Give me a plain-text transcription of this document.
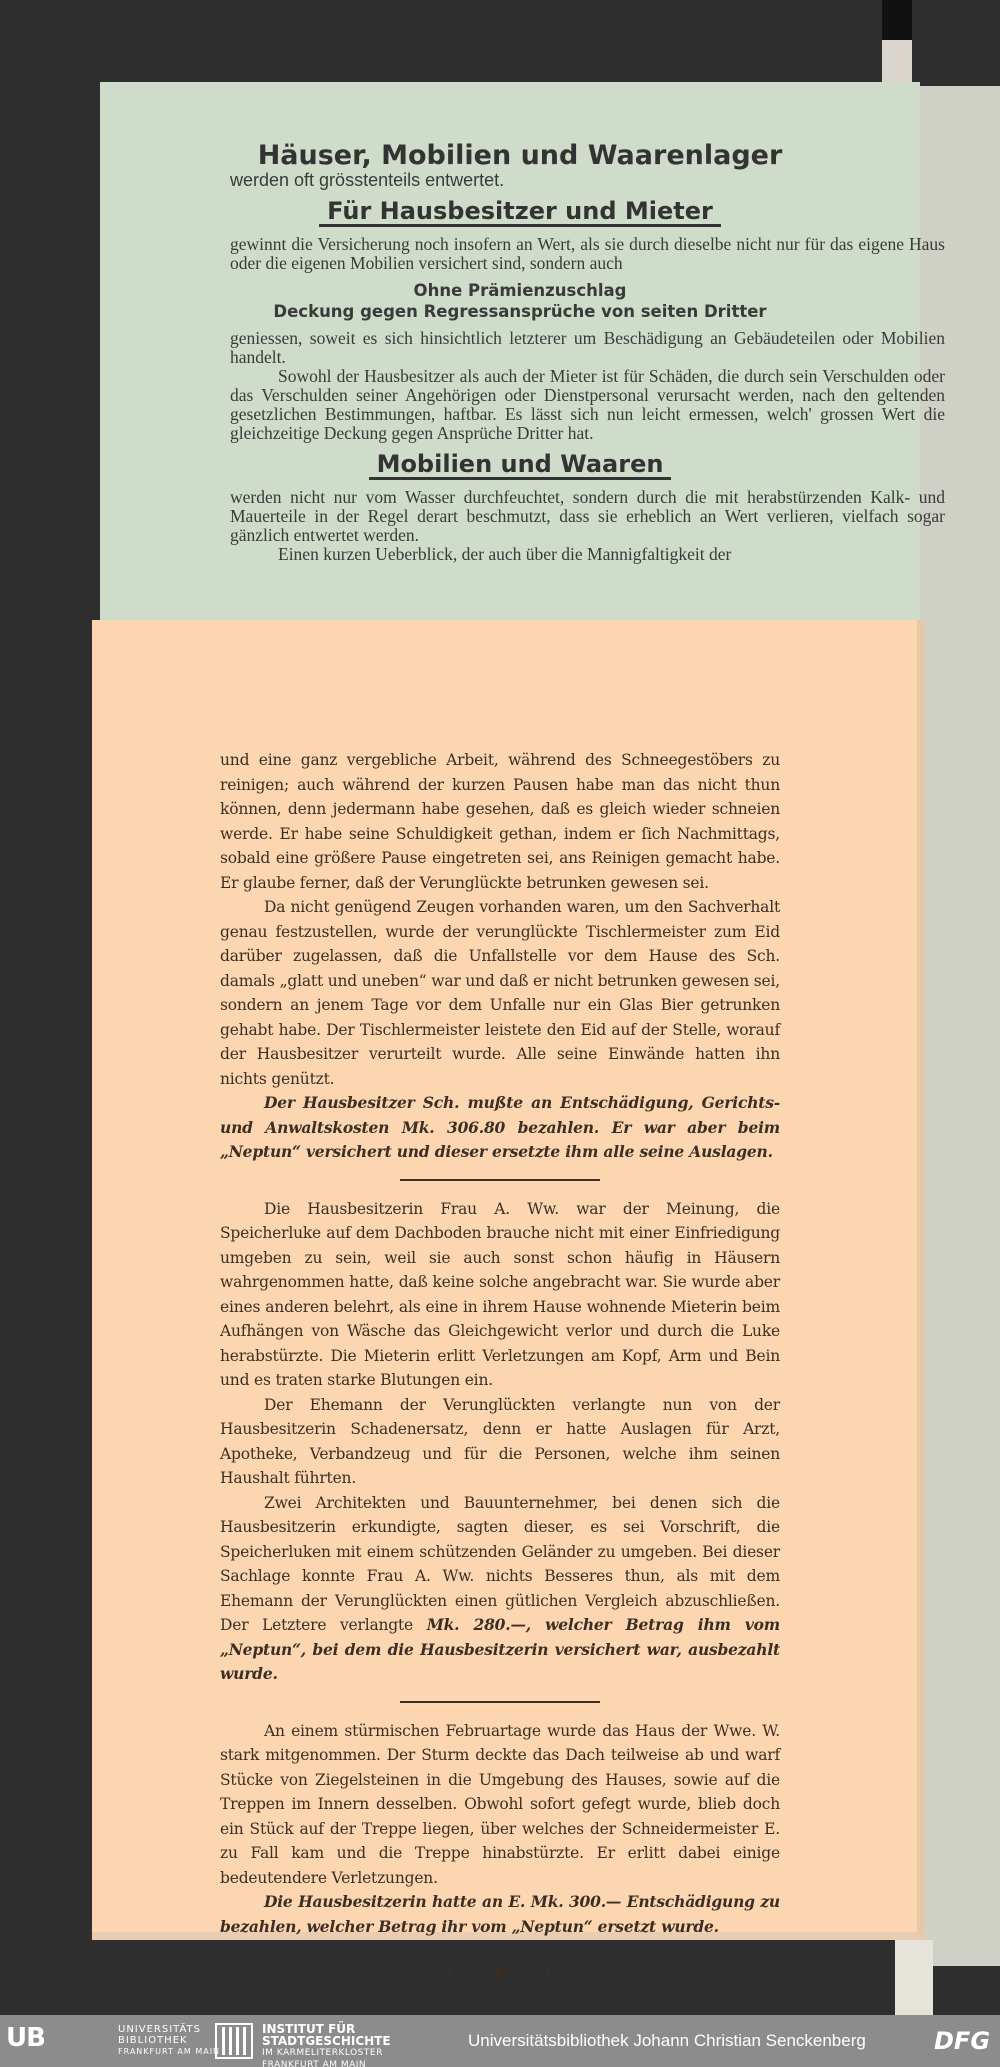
Häuser, Mobilien und Waarenlager
werden oft grösstenteils entwertet.
Für Hausbesitzer und Mieter
gewinnt die Versicherung noch insofern an Wert, als sie durch dieselbe nicht nur für das eigene Haus oder die eigenen Mobilien versichert sind, sondern auch
Ohne Prämienzuschlag
Deckung gegen Regressansprüche von seiten Dritter
geniessen, soweit es sich hinsichtlich letzterer um Beschädigung an Gebäudeteilen oder Mobilien handelt.
Sowohl der Hausbesitzer als auch der Mieter ist für Schäden, die durch sein Verschulden oder das Verschulden seiner Angehörigen oder Dienstpersonal verursacht werden, nach den geltenden gesetzlichen Bestimmungen, haftbar. Es lässt sich nun leicht ermessen, welch' grossen Wert die gleichzeitige Deckung gegen Ansprüche Dritter hat.
Mobilien und Waaren
werden nicht nur vom Wasser durchfeuchtet, sondern durch die mit herabstürzenden Kalk- und Mauerteile in der Regel derart beschmutzt, dass sie erheblich an Wert verlieren, vielfach sogar gänzlich entwertet werden.
Einen kurzen Ueberblick, der auch über die Mannigfaltigkeit der

und eine ganz vergebliche Arbeit, während des Schneegestöbers zu reinigen; auch während der kurzen Pausen habe man das nicht thun können, denn jedermann habe gesehen, daß es gleich wieder schneien werde. Er habe seine Schuldigkeit gethan, indem er ſich Nachmittags, sobald eine größere Pause eingetreten sei, ans Reinigen gemacht habe. Er glaube ferner, daß der Verunglückte betrunken gewesen sei.

Da nicht genügend Zeugen vorhanden waren, um den Sachverhalt genau festzustellen, wurde der verunglückte Tischlermeister zum Eid darüber zugelassen, daß die Unfallstelle vor dem Hause des Sch. damals „glatt und uneben“ war und daß er nicht betrunken gewesen sei, sondern an jenem Tage vor dem Unfalle nur ein Glas Bier getrunken gehabt habe. Der Tischlermeister leistete den Eid auf der Stelle, worauf der Hausbesitzer verurteilt wurde. Alle seine Einwände hatten ihn nichts genützt.

Der Hausbesitzer Sch. mußte an Entschädigung, Gerichts- und Anwaltskosten Mk. 306.80 bezahlen. Er war aber beim „Neptun“ versichert und dieser ersetzte ihm alle seine Auslagen.

Die Hausbesitzerin Frau A. Ww. war der Meinung, die Speicherluke auf dem Dachboden brauche nicht mit einer Einfriedigung umgeben zu sein, weil sie auch sonst schon häufig in Häusern wahrgenommen hatte, daß keine solche angebracht war. Sie wurde aber eines anderen belehrt, als eine in ihrem Hause wohnende Mieterin beim Aufhängen von Wäsche das Gleichgewicht verlor und durch die Luke herabstürzte. Die Mieterin erlitt Verletzungen am Kopf, Arm und Bein und es traten starke Blutungen ein.

Der Ehemann der Verunglückten verlangte nun von der Hausbesitzerin Schadenersatz, denn er hatte Auslagen für Arzt, Apotheke, Verbandzeug und für die Personen, welche ihm seinen Haushalt führten.

Zwei Architekten und Bauunternehmer, bei denen sich die Hausbesitzerin erkundigte, sagten dieser, es sei Vorschrift, die Speicherluken mit einem schützenden Geländer zu umgeben. Bei dieser Sachlage konnte Frau A. Ww. nichts Besseres thun, als mit dem Ehemann der Verunglückten einen gütlichen Vergleich abzuschließen. Der Letztere verlangte Mk. 280.—, welcher Betrag ihm vom „Neptun“, bei dem die Hausbesitzerin versichert war, ausbezahlt wurde.

An einem stürmischen Februartage wurde das Haus der Wwe. W. stark mitgenommen. Der Sturm deckte das Dach teilweise ab und warf Stücke von Ziegelsteinen in die Umgebung des Hauses, sowie auf die Treppen im Innern desselben. Obwohl sofort gefegt wurde, blieb doch ein Stück auf der Treppe liegen, über welches der Schneidermeister E. zu Fall kam und die Treppe hinabstürzte. Er erlitt dabei einige bedeutendere Verletzungen.

Die Hausbesitzerin hatte an E. Mk. 300.— Entschädigung zu bezahlen, welcher Betrag ihr vom „Neptun“ ersetzt wurde.

~•~∽❦∽~•~
UB	UNIVERSITÄTS
BIBLIOTHEK
FRANKFURT AM MAIN
INSTITUT FÜR
STADTGESCHICHTE
IM KARMELITERKLOSTER
FRANKFURT AM MAIN
Universitätsbibliothek Johann Christian Senckenberg	DFG
